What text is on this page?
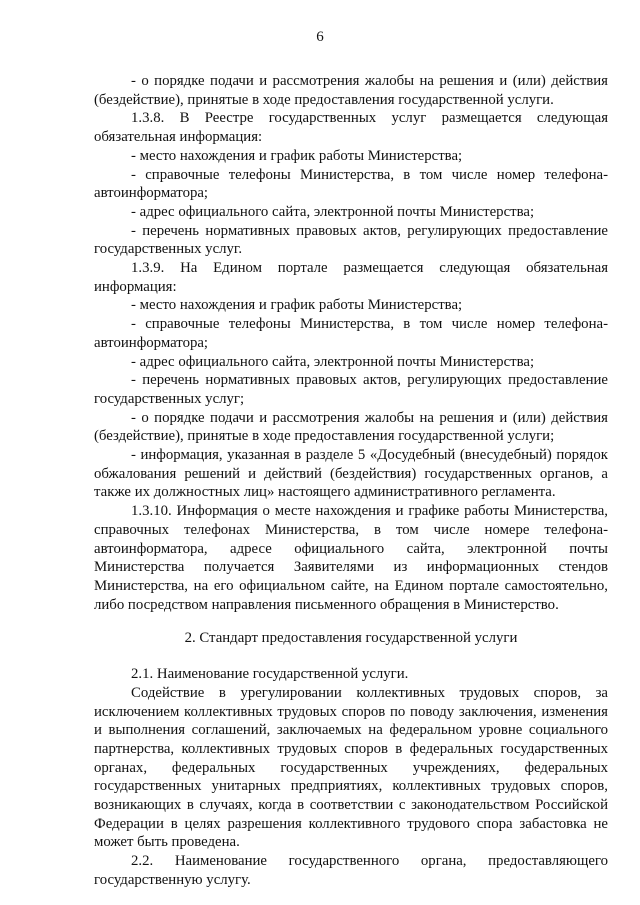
6

- о порядке подачи и рассмотрения жалобы на решения и (или) действия (бездействие), принятые в ходе предоставления государственной услуги.

1.3.8. В Реестре государственных услуг размещается следующая обязательная информация:

- место нахождения и график работы Министерства;

- справочные телефоны Министерства, в том числе номер телефона-автоинформатора;

- адрес официального сайта, электронной почты Министерства;

- перечень нормативных правовых актов, регулирующих предоставление государственных услуг.

1.3.9. На Едином портале размещается следующая обязательная информация:

- место нахождения и график работы Министерства;

- справочные телефоны Министерства, в том числе номер телефона-автоинформатора;

- адрес официального сайта, электронной почты Министерства;

- перечень нормативных правовых актов, регулирующих предоставление государственных услуг;

- о порядке подачи и рассмотрения жалобы на решения и (или) действия (бездействие), принятые в ходе предоставления государственной услуги;

- информация, указанная в разделе 5 «Досудебный (внесудебный) порядок обжалования решений и действий (бездействия) государственных органов, а также их должностных лиц» настоящего административного регламента.

1.3.10. Информация о месте нахождения и графике работы Министерства, справочных телефонах Министерства, в том числе номере телефона-автоинформатора, адресе официального сайта, электронной почты Министерства получается Заявителями из информационных стендов Министерства, на его официальном сайте, на Едином портале самостоятельно, либо посредством направления письменного обращения в Министерство.

2. Стандарт предоставления государственной услуги

2.1. Наименование государственной услуги.

Содействие в урегулировании коллективных трудовых споров, за исключением коллективных трудовых споров по поводу заключения, изменения и выполнения соглашений, заключаемых на федеральном уровне социального партнерства, коллективных трудовых споров в федеральных государственных органах, федеральных государственных учреждениях, федеральных государственных унитарных предприятиях, коллективных трудовых споров, возникающих в случаях, когда в соответствии с законодательством Российской Федерации в целях разрешения коллективного трудового спора забастовка не может быть проведена.

2.2. Наименование государственного органа, предоставляющего государственную услугу.
